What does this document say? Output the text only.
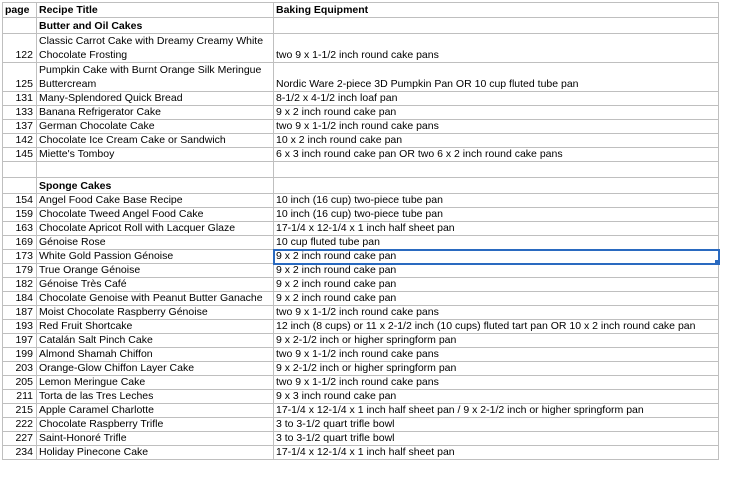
page	Recipe Title	Baking Equipment
	Butter and Oil Cakes	
122	Classic Carrot Cake with Dreamy Creamy White Chocolate Frosting	two 9 x 1-1/2 inch round cake pans
125	Pumpkin Cake with Burnt Orange Silk Meringue Buttercream	Nordic Ware 2-piece 3D Pumpkin Pan OR 10 cup fluted tube pan
131	Many-Splendored Quick Bread	8-1/2 x 4-1/2 inch loaf pan
133	Banana Refrigerator Cake	9 x 2 inch round cake pan
137	German Chocolate Cake	two 9 x 1-1/2 inch round cake pans
142	Chocolate Ice Cream Cake or Sandwich	10 x 2 inch round cake pan
145	Miette's Tomboy	6 x 3 inch round cake pan OR two 6 x 2 inch round cake pans

	Sponge Cakes	
154	Angel Food Cake Base Recipe	10 inch (16 cup) two-piece tube pan
159	Chocolate Tweed Angel Food Cake	10 inch (16 cup) two-piece tube pan
163	Chocolate Apricot Roll with Lacquer Glaze	17-1/4 x 12-1/4 x 1 inch half sheet pan
169	Génoise Rose	10 cup fluted tube pan
173	White Gold Passion Génoise	9 x 2 inch round cake pan
179	True Orange Génoise	9 x 2 inch round cake pan
182	Génoise Très Café	9 x 2 inch round cake pan
184	Chocolate Genoise with Peanut Butter Ganache	9 x 2 inch round cake pan
187	Moist Chocolate Raspberry Génoise	two 9 x 1-1/2 inch round cake pans
193	Red Fruit Shortcake	12 inch (8 cups) or 11 x 2-1/2 inch (10 cups) fluted tart pan OR 10 x 2 inch round cake pan
197	Catalán Salt Pinch Cake	9 x 2-1/2 inch or higher springform pan
199	Almond Shamah Chiffon	two 9 x 1-1/2 inch round cake pans
203	Orange-Glow Chiffon Layer Cake	9 x 2-1/2 inch or higher springform pan
205	Lemon Meringue Cake	two 9 x 1-1/2 inch round cake pans
211	Torta de las Tres Leches	9 x 3 inch round cake pan
215	Apple Caramel Charlotte	17-1/4 x 12-1/4 x 1 inch half sheet pan / 9 x 2-1/2 inch or higher springform pan
222	Chocolate Raspberry Trifle	3 to 3-1/2 quart trifle bowl
227	Saint-Honoré Trifle	3 to 3-1/2 quart trifle bowl
234	Holiday Pinecone Cake	17-1/4 x 12-1/4 x 1 inch half sheet pan
